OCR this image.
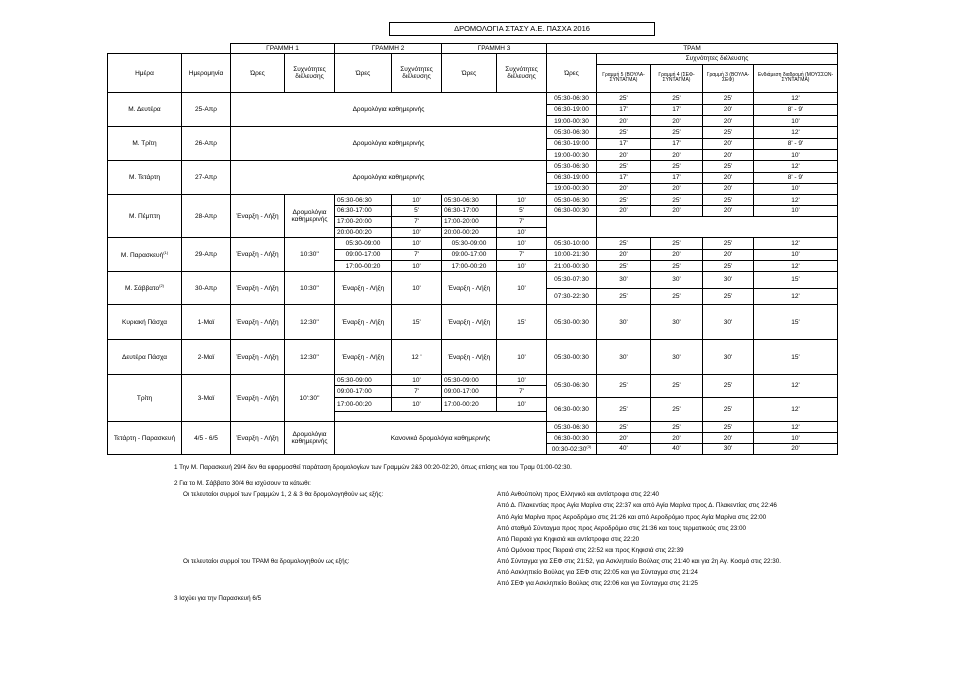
ΔΡΟΜΟΛΟΓΙΑ ΣΤΑΣΥ Α.Ε. ΠΑΣΧΑ 2016
		ΓΡΑΜΜΗ 1		ΓΡΑΜΜΗ 2		ΓΡΑΜΜΗ 3		ΤΡΑΜ				
Ημέρα	Ημερομηνία	Ώρες	Συχνότητες διέλευσης	Ώρες	Συχνότητες διέλευσης	Ώρες	Συχνότητες διέλευσης	Ώρες	Συχνότητες διέλευσης			
									Γραμμή 5 (ΒΟΥΛΑ-ΣΥΝΤΑΓΜΑ)	Γραμμή 4 (ΣΕΦ-ΣΥΝΤΑΓΜΑ)	Γραμμή 3 (ΒΟΥΛΑ-ΣΕΦ)	Ενδιάμεση διαδρομή (ΜΟΥΣΣΩΝ-ΣΥΝΤΑΓΜΑ)
Μ. Δευτέρα	25-Απρ	Δρομολόγια καθημερινής						05:30-06:30	25'	25'	25'	12'
								06:30-19:00	17'	17'	20'	8' - 9'
								19:00-00:30	20'	20'	20'	10'
Μ. Τρίτη	26-Απρ	Δρομολόγια καθημερινής						05:30-06:30	25'	25'	25'	12'
								06:30-19:00	17'	17'	20'	8' - 9'
								19:00-00:30	20'	20'	20'	10'
Μ. Τετάρτη	27-Απρ	Δρομολόγια καθημερινής						05:30-06:30	25'	25'	25'	12'
								06:30-19:00	17'	17'	20'	8' - 9'
								19:00-00:30	20'	20'	20'	10'
Μ. Πέμπτη	28-Απρ	Έναρξη - Λήξη	Δρομολόγια καθημερινής	05:30-06:30	10'	05:30-06:30	10'	05:30-06:30	25'	25'	25'	12'
				06:30-17:00	5'	06:30-17:00	5'	06:30-00:30	20'	20'	20'	10'
				17:00-20:00	7'	17:00-20:00	7'					
				20:00-00:20	10'	20:00-00:20	10'					
Μ. Παρασκευή$^{(1)}$	29-Απρ	Έναρξη - Λήξη	10:30''	05:30-09:00	10'	05:30-09:00	10'	05:30-10:00	25'	25'	25'	12'
				09:00-17:00	7'	09:00-17:00	7'	10:00-21:30	20'	20'	20'	10'
				17:00-00:20	10'	17:00-00:20	10'	21:00-00:30	25'	25'	25'	12'
Μ. Σάββατο$^{(2)}$	30-Απρ	Έναρξη - Λήξη	10:30''	Έναρξη - Λήξη	10'	Έναρξη - Λήξη	10'	05:30-07:30	30'	30'	30'	15'
								07:30-22:30	25'	25'	25'	12'
Κυριακή Πάσχα	1-Μαϊ	Έναρξη - Λήξη	12:30''	Έναρξη - Λήξη	15'	Έναρξη - Λήξη	15'	05:30-00:30	30'	30'	30'	15'
Δευτέρα Πάσχα	2-Μαϊ	Έναρξη - Λήξη	12:30''	Έναρξη - Λήξη	12 '	Έναρξη - Λήξη	10'	05:30-00:30	30'	30'	30'	15'
Τρίτη	3-Μαϊ	Έναρξη - Λήξη	10':30''	05:30-09:00	10'	05:30-09:00	10'	05:30-06:30	25'	25'	25'	12'
				09:00-17:00	7'	09:00-17:00	7'					
				17:00-00:20	10'	17:00-00:20	10'	06:30-00:30	25'	25'	25'	12'

Τετάρτη - Παρασκευή	4/5 - 6/5	Έναρξη - Λήξη	Δρομολόγια καθημερινής	Κανονικά δρομολόγια καθημερινής				05:30-06:30	25'	25'	25'	12'
								06:30-00:30	20'	20'	20'	10'
								00:30-02:30$^{(3)}$	40'	40'	30'	20'
1 Την Μ. Παρασκευή 29/4 δεν θα εφαρμοσθεί παράταση δρομολογίων των Γραμμών 2&3 00:20-02:20, όπως επίσης και του Τραμ 01:00-02:30.
2 Για το Μ. Σάββατο 30/4 θα ισχύσουν τα κάτωθι:
Οι τελευταίοι συρμοί των Γραμμών 1, 2 & 3 θα δρομολογηθούν ως εξής:	Από Ανθούπολη προς Ελληνικό και αντίστροφα στις 22:40
Από Δ. Πλακεντίας προς Αγία Μαρίνα στις 22:37 και από Αγία Μαρίνα προς Δ. Πλακεντίας στις 22:46
Από Αγία Μαρίνα προς Αεροδρόμιο στις 21:26 και από Αεροδρόμιο προς Αγία Μαρίνα στις 22:00
Από σταθμό Σύνταγμα προς προς Αεροδρόμιο στις 21:36 και τους τερματικούς στις 23:00
Από Πειραιά για Κηφισιά και αντίστροφα στις 22:20
Από Ομόνοια προς Πειραιά στις 22:52 και προς Κηφισιά στις 22:39
Οι τελευταίοι συρμοί του ΤΡΑΜ θα δρομολογηθούν ως εξής:	Από Σύνταγμα για ΣΕΦ στις 21:52, για Ασκληπιείο Βούλας στις 21:40 και για 2η Αγ. Κοσμά στις 22:30.
Από Ασκληπιείο Βούλας για ΣΕΦ στις 22:05 και για Σύνταγμα στις 21:24
Από ΣΕΦ για Ασκληπιείο Βούλας στις 22:06 και για Σύνταγμα στις 21:25
3 Ισχύει για την Παρασκευή 6/5
